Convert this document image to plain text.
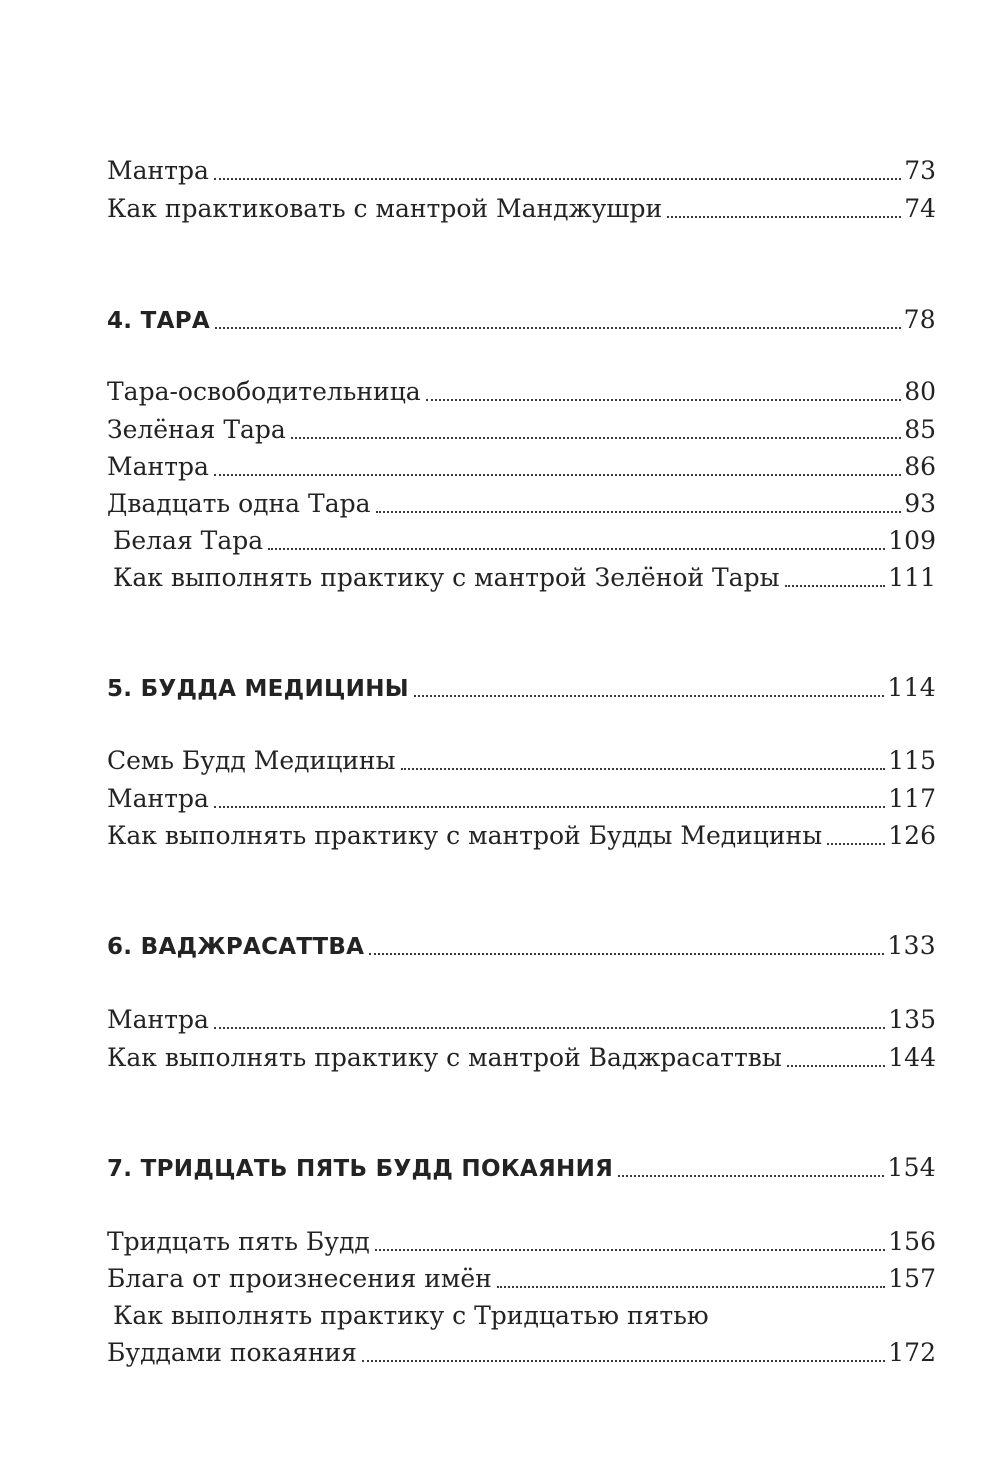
Мантра	73
Как практиковать с мантрой Манджушри	74
4. ТАРА	78
Тара-освободительница	80
Зелёная Тара	85
Мантра	86
Двадцать одна Тара	93
Белая Тара	109
Как выполнять практику с мантрой Зелёной Тары	111
5. БУДДА МЕДИЦИНЫ	114
Семь Будд Медицины	115
Мантра	117
Как выполнять практику с мантрой Будды Медицины	126
6. ВАДЖРАСАТТВА	133
Мантра	135
Как выполнять практику с мантрой Ваджрасаттвы	144
7. ТРИДЦАТЬ ПЯТЬ БУДД ПОКАЯНИЯ	154
Тридцать пять Будд	156
Блага от произнесения имён	157
Как выполнять практику с Тридцатью пятью
Буддами покаяния	172
